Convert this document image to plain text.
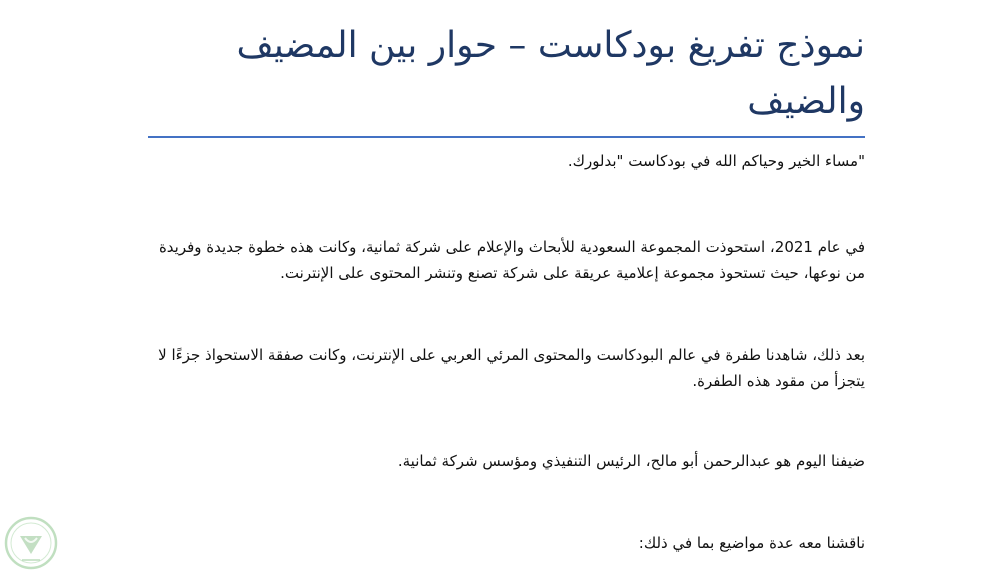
نموذج تفريغ بودكاست – حوار بين المضيف والضيف

"مساء الخير وحياكم الله في بودكاست "بدلورك.

في عام 2021، استحوذت المجموعة السعودية للأبحاث والإعلام على شركة ثمانية، وكانت هذه خطوة جديدة وفريدة من نوعها، حيث تستحوذ مجموعة إعلامية عريقة على شركة تصنع وتنشر المحتوى على الإنترنت.

بعد ذلك، شاهدنا طفرة في عالم البودكاست والمحتوى المرئي العربي على الإنترنت، وكانت صفقة الاستحواذ جزءًا لا يتجزأ من مقود هذه الطفرة.

ضيفنا اليوم هو عبدالرحمن أبو مالح، الرئيس التنفيذي ومؤسس شركة ثمانية.

ناقشنا معه عدة مواضيع بما في ذلك:
